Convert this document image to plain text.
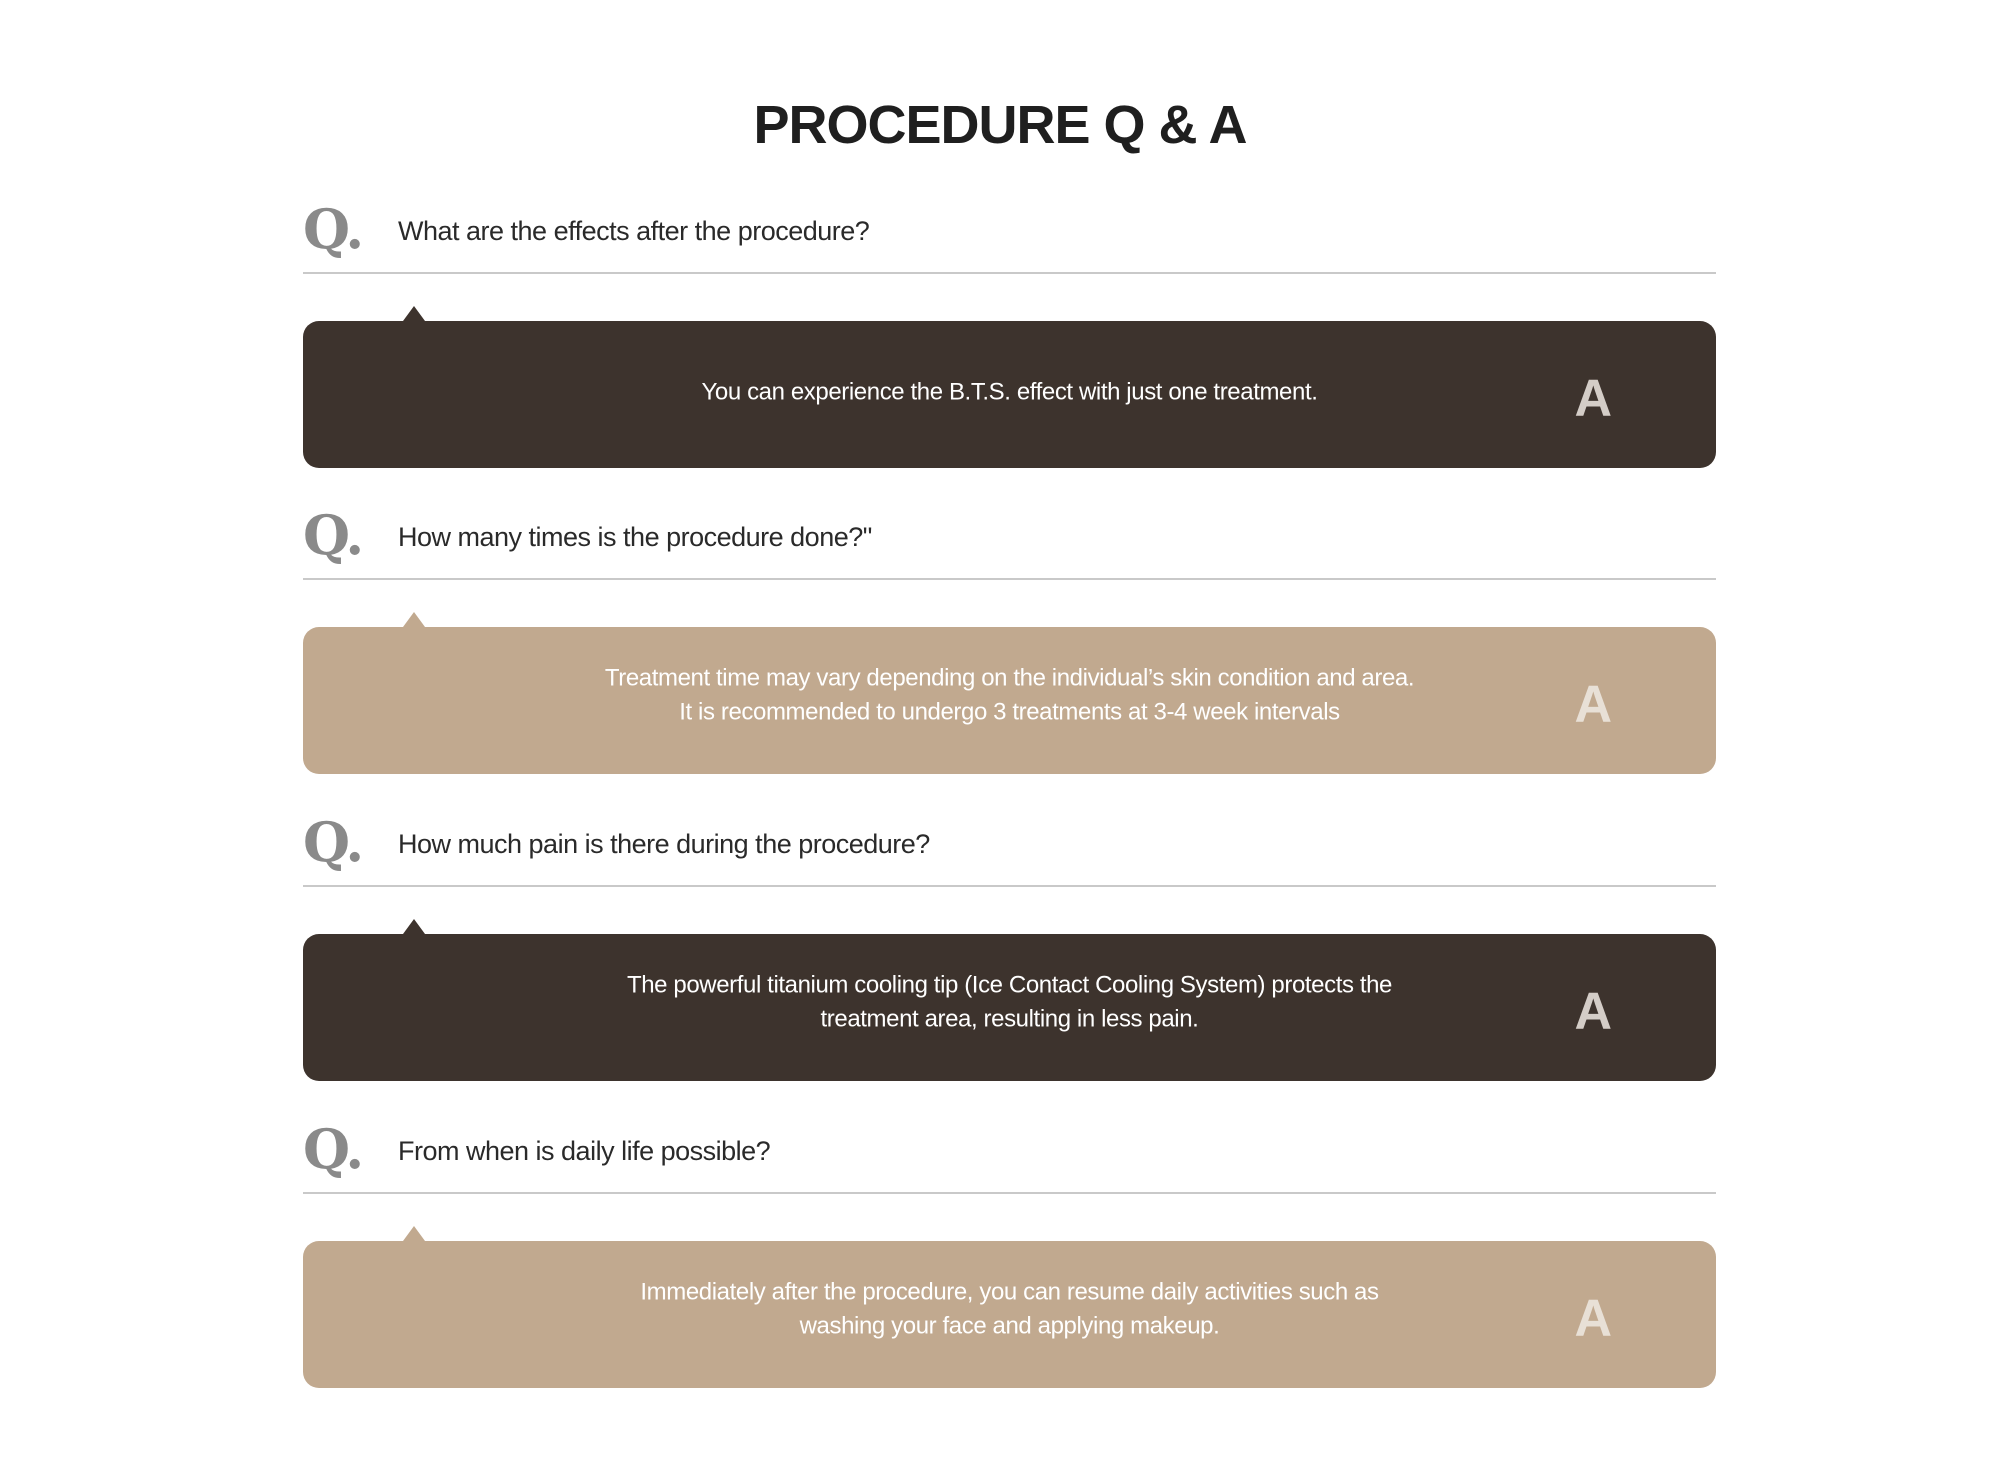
PROCEDURE Q & A
Q. What are the effects after the procedure?
You can experience the B.T.S. effect with just one treatment.	A
Q. How many times is the procedure done?"
Treatment time may vary depending on the individual’s skin condition and area.
It is recommended to undergo 3 treatments at 3-4 week intervals	A
Q. How much pain is there during the procedure?
The powerful titanium cooling tip (Ice Contact Cooling System) protects the
treatment area, resulting in less pain.	A
Q. From when is daily life possible?
Immediately after the procedure, you can resume daily activities such as
washing your face and applying makeup.	A
